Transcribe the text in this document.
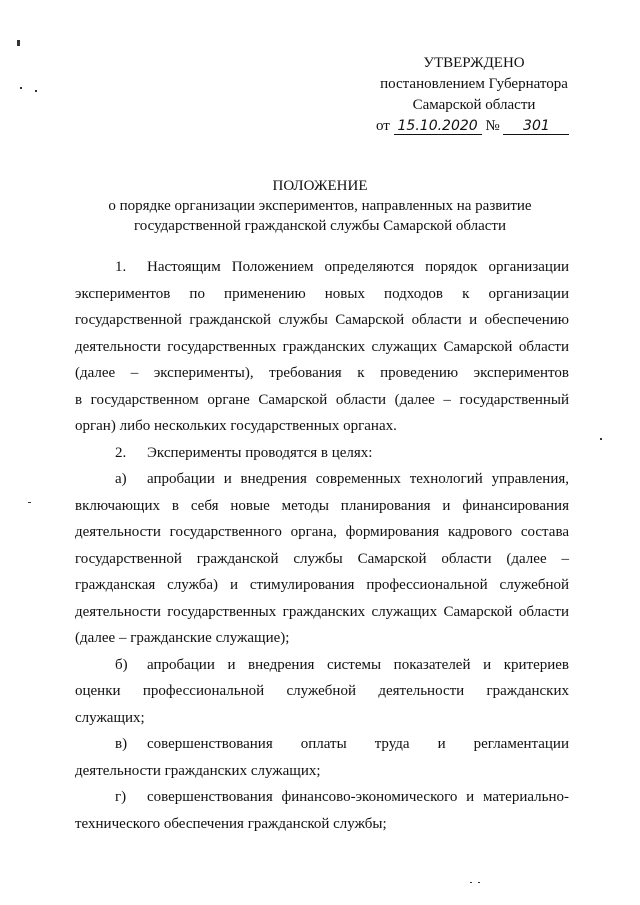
УТВЕРЖДЕНО
постановлением Губернатора
Самарской области
от 15.10.2020 № 301
ПОЛОЖЕНИЕ
о порядке организации экспериментов, направленных на развитие
государственной гражданской службы Самарской области
1. Настоящим Положением определяются порядок организации
экспериментов по применению новых подходов к организации
государственной гражданской службы Самарской области и обеспечению
деятельности государственных гражданских служащих Самарской области
(далее – эксперименты), требования к проведению экспериментов
в государственном органе Самарской области (далее – государственный
орган) либо нескольких государственных органах.
2. Эксперименты проводятся в целях:
а) апробации и внедрения современных технологий управления,
включающих в себя новые методы планирования и финансирования
деятельности государственного органа, формирования кадрового состава
государственной гражданской службы Самарской области (далее –
гражданская служба) и стимулирования профессиональной служебной
деятельности государственных гражданских служащих Самарской области
(далее – гражданские служащие);
б) апробации и внедрения системы показателей и критериев
оценки профессиональной служебной деятельности гражданских
служащих;
в) совершенствования оплаты труда и регламентации
деятельности гражданских служащих;
г) совершенствования финансово-экономического и материально-
технического обеспечения гражданской службы;
